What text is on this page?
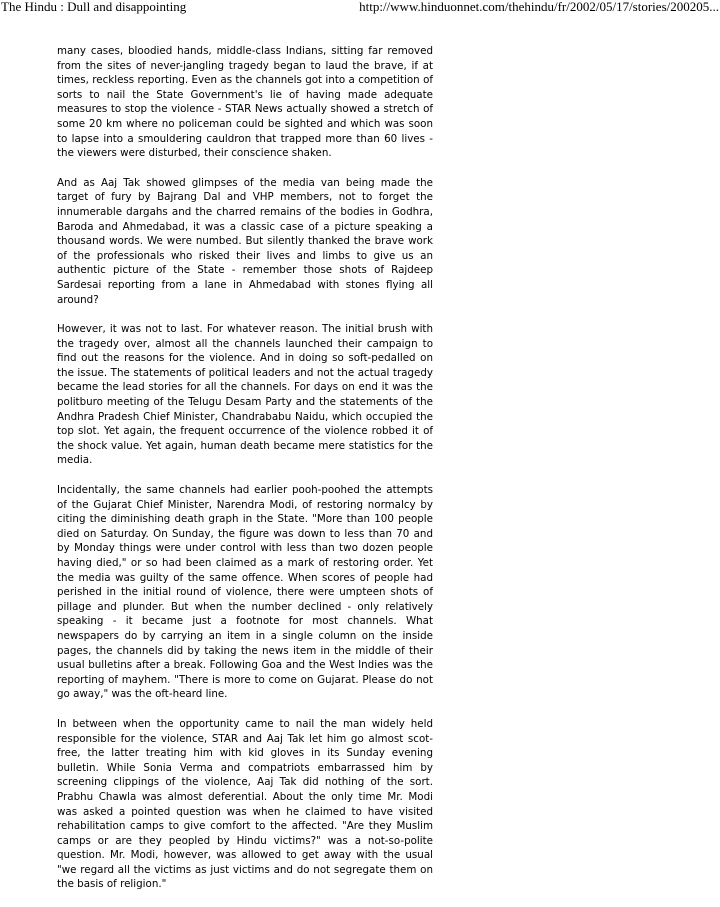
The Hindu : Dull and disappointing	http://www.hinduonnet.com/thehindu/fr/2002/05/17/stories/200205...

many cases, bloodied hands, middle-class Indians, sitting far removed from the sites of never-jangling tragedy began to laud the brave, if at times, reckless reporting. Even as the channels got into a competition of sorts to nail the State Government's lie of having made adequate measures to stop the violence - STAR News actually showed a stretch of some 20 km where no policeman could be sighted and which was soon to lapse into a smouldering cauldron that trapped more than 60 lives - the viewers were disturbed, their conscience shaken.

And as Aaj Tak showed glimpses of the media van being made the target of fury by Bajrang Dal and VHP members, not to forget the innumerable dargahs and the charred remains of the bodies in Godhra, Baroda and Ahmedabad, it was a classic case of a picture speaking a thousand words. We were numbed. But silently thanked the brave work of the professionals who risked their lives and limbs to give us an authentic picture of the State - remember those shots of Rajdeep Sardesai reporting from a lane in Ahmedabad with stones flying all around?

However, it was not to last. For whatever reason. The initial brush with the tragedy over, almost all the channels launched their campaign to find out the reasons for the violence. And in doing so soft-pedalled on the issue. The statements of political leaders and not the actual tragedy became the lead stories for all the channels. For days on end it was the politburo meeting of the Telugu Desam Party and the statements of the Andhra Pradesh Chief Minister, Chandrababu Naidu, which occupied the top slot. Yet again, the frequent occurrence of the violence robbed it of the shock value. Yet again, human death became mere statistics for the media.

Incidentally, the same channels had earlier pooh-poohed the attempts of the Gujarat Chief Minister, Narendra Modi, of restoring normalcy by citing the diminishing death graph in the State. "More than 100 people died on Saturday. On Sunday, the figure was down to less than 70 and by Monday things were under control with less than two dozen people having died," or so had been claimed as a mark of restoring order. Yet the media was guilty of the same offence. When scores of people had perished in the initial round of violence, there were umpteen shots of pillage and plunder. But when the number declined - only relatively speaking - it became just a footnote for most channels. What newspapers do by carrying an item in a single column on the inside pages, the channels did by taking the news item in the middle of their usual bulletins after a break. Following Goa and the West Indies was the reporting of mayhem. "There is more to come on Gujarat. Please do not go away," was the oft-heard line.

In between when the opportunity came to nail the man widely held responsible for the violence, STAR and Aaj Tak let him go almost scot-free, the latter treating him with kid gloves in its Sunday evening bulletin. While Sonia Verma and compatriots embarrassed him by screening clippings of the violence, Aaj Tak did nothing of the sort. Prabhu Chawla was almost deferential. About the only time Mr. Modi was asked a pointed question was when he claimed to have visited rehabilitation camps to give comfort to the affected. "Are they Muslim camps or are they peopled by Hindu victims?" was a not-so-polite question. Mr. Modi, however, was allowed to get away with the usual "we regard all the victims as just victims and do not segregate them on the basis of religion."
